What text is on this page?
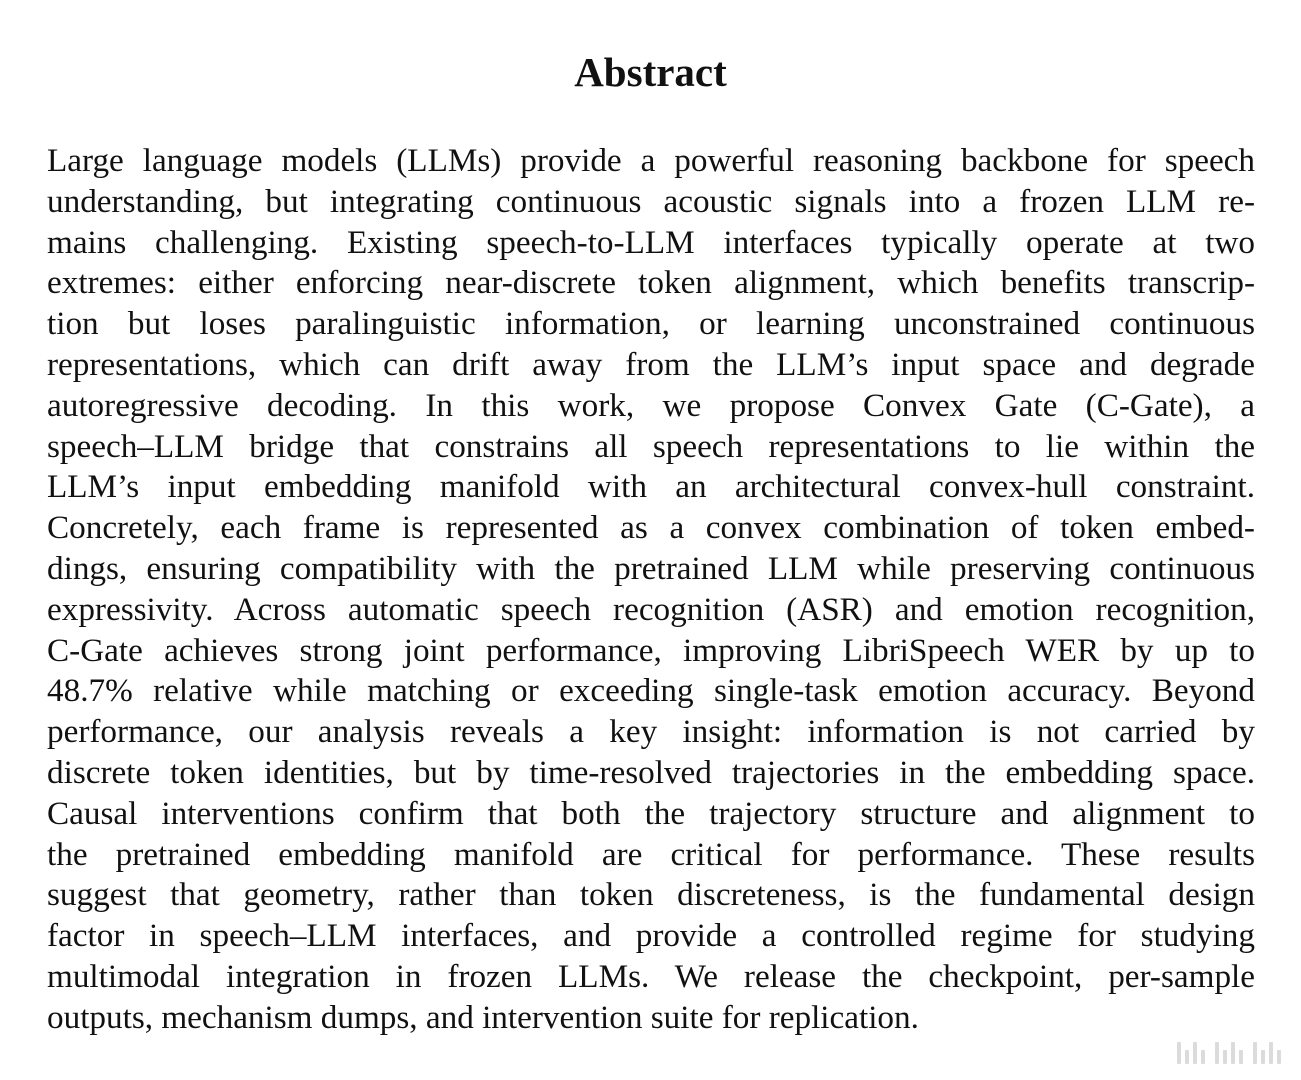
Abstract
Large language models (LLMs) provide a powerful reasoning backbone for speech
understanding, but integrating continuous acoustic signals into a frozen LLM re-
mains challenging. Existing speech-to-LLM interfaces typically operate at two
extremes: either enforcing near-discrete token alignment, which benefits transcrip-
tion but loses paralinguistic information, or learning unconstrained continuous
representations, which can drift away from the LLM’s input space and degrade
autoregressive decoding. In this work, we propose Convex Gate (C-Gate), a
speech–LLM bridge that constrains all speech representations to lie within the
LLM’s input embedding manifold with an architectural convex-hull constraint.
Concretely, each frame is represented as a convex combination of token embed-
dings, ensuring compatibility with the pretrained LLM while preserving continuous
expressivity. Across automatic speech recognition (ASR) and emotion recognition,
C-Gate achieves strong joint performance, improving LibriSpeech WER by up to
48.7% relative while matching or exceeding single-task emotion accuracy. Beyond
performance, our analysis reveals a key insight: information is not carried by
discrete token identities, but by time-resolved trajectories in the embedding space.
Causal interventions confirm that both the trajectory structure and alignment to
the pretrained embedding manifold are critical for performance. These results
suggest that geometry, rather than token discreteness, is the fundamental design
factor in speech–LLM interfaces, and provide a controlled regime for studying
multimodal integration in frozen LLMs. We release the checkpoint, per-sample
outputs, mechanism dumps, and intervention suite for replication.
